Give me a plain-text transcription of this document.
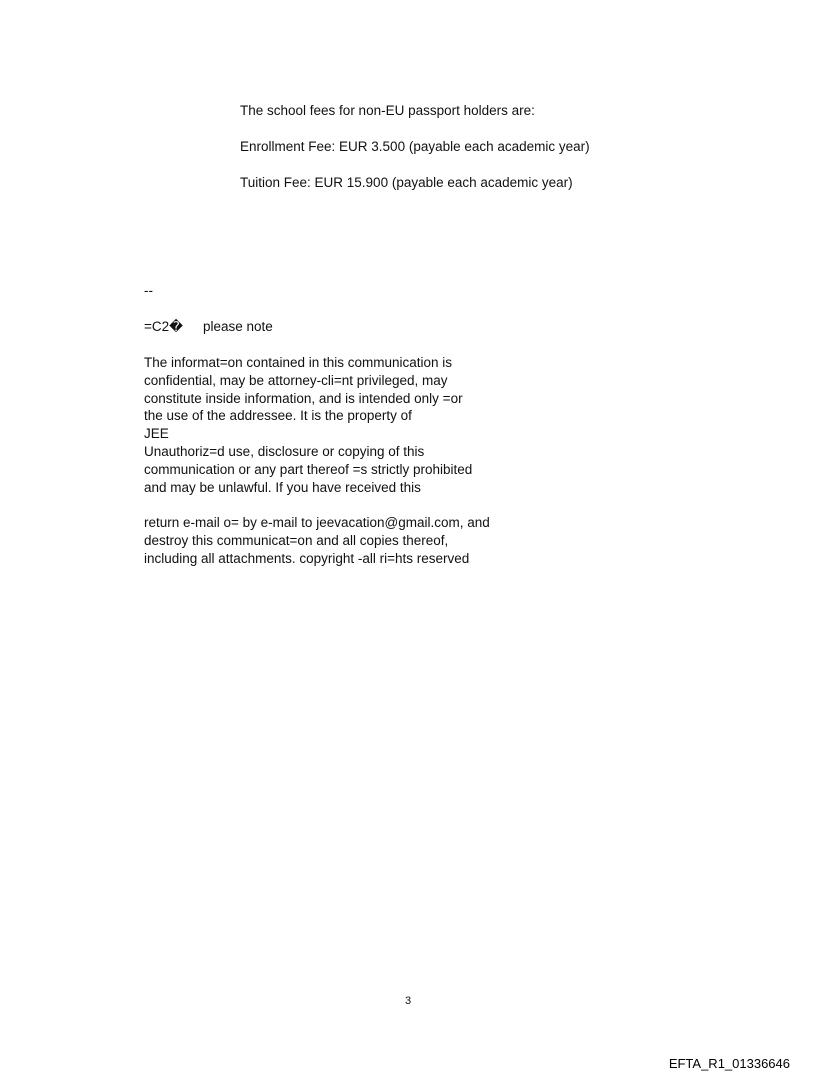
The school fees for non-EU passport holders are:

Enrollment Fee: EUR 3.500 (payable each academic year)

Tuition Fee: EUR 15.900 (payable each academic year)

--

=C2� please note

The informat=on contained in this communication is

confidential, may be attorney-cli=nt privileged, may

constitute inside information, and is intended only =or

the use of the addressee. It is the property of

JEE

Unauthoriz=d use, disclosure or copying of this

communication or any part thereof =s strictly prohibited

and may be unlawful. If you have received this

return e-mail o= by e-mail to jeevacation@gmail.com, and

destroy this communicat=on and all copies thereof,

including all attachments. copyright -all ri=hts reserved

3
EFTA_R1_01336646
